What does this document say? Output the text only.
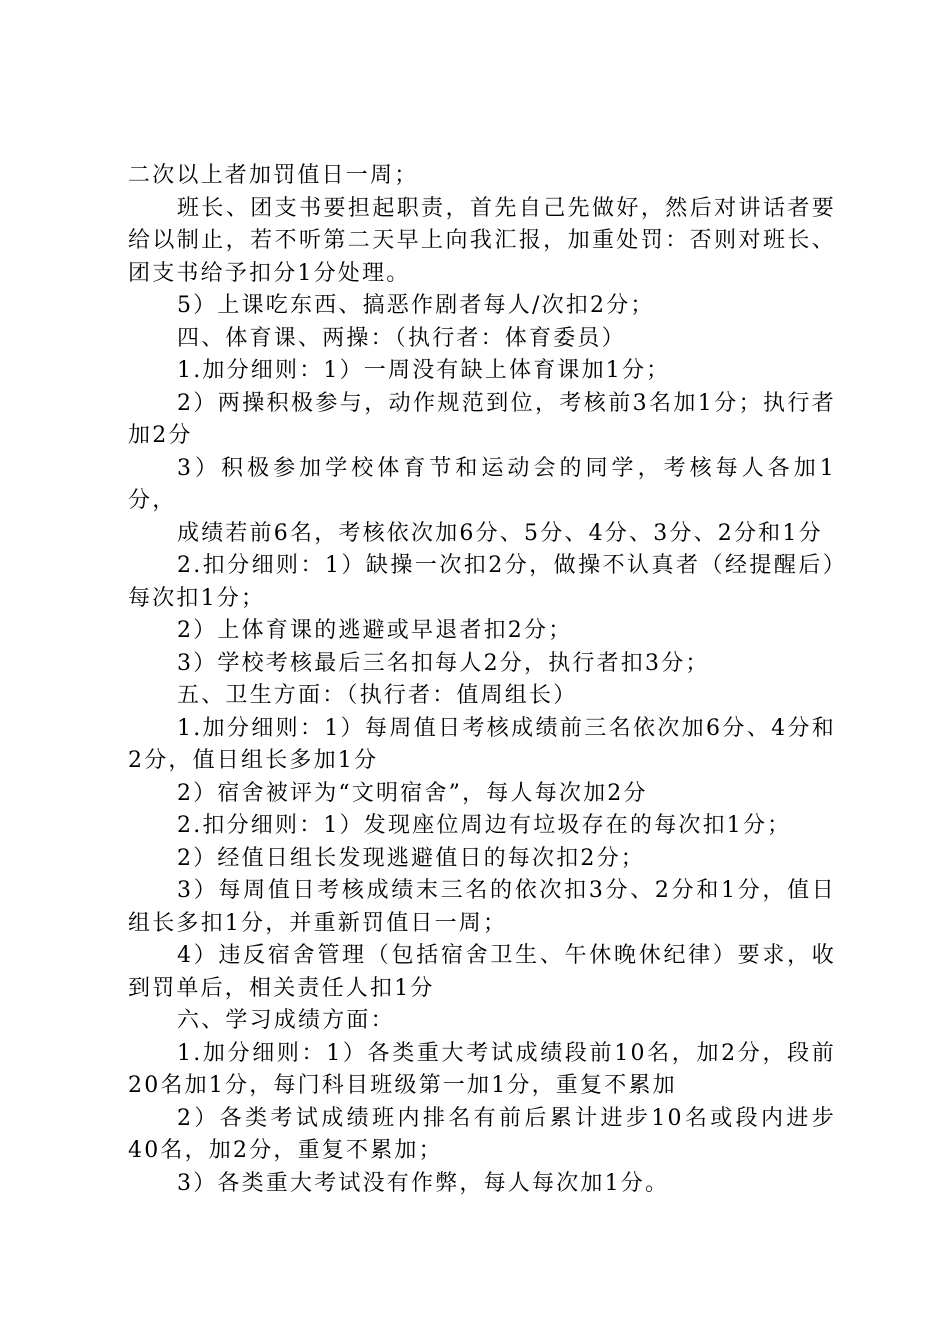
二次以上者加罚值日一周；

班长、团支书要担起职责，首先自己先做好，然后对讲话者要给以制止，若不听第二天早上向我汇报，加重处罚：否则对班长、团支书给予扣分1分处理。

5）上课吃东西、搞恶作剧者每人/次扣2分；

四、体育课、两操：（执行者：体育委员）

1.加分细则：1）一周没有缺上体育课加1分；

2）两操积极参与，动作规范到位，考核前3名加1分；执行者加2分

3）积极参加学校体育节和运动会的同学，考核每人各加1分，

成绩若前6名，考核依次加6分、5分、4分、3分、2分和1分

2.扣分细则：1）缺操一次扣2分，做操不认真者（经提醒后）每次扣1分；

2）上体育课的逃避或早退者扣2分；

3）学校考核最后三名扣每人2分，执行者扣3分；

五、卫生方面：（执行者：值周组长）

1.加分细则：1）每周值日考核成绩前三名依次加6分、4分和2分，值日组长多加1分

2）宿舍被评为“文明宿舍”，每人每次加2分

2.扣分细则：1）发现座位周边有垃圾存在的每次扣1分；

2）经值日组长发现逃避值日的每次扣2分；

3）每周值日考核成绩末三名的依次扣3分、2分和1分，值日组长多扣1分，并重新罚值日一周；

4）违反宿舍管理（包括宿舍卫生、午休晚休纪律）要求，收到罚单后，相关责任人扣1分

六、学习成绩方面：

1.加分细则：1）各类重大考试成绩段前10名，加2分，段前20名加1分，每门科目班级第一加1分，重复不累加

2）各类考试成绩班内排名有前后累计进步10名或段内进步40名，加2分，重复不累加；

3）各类重大考试没有作弊，每人每次加1分。
